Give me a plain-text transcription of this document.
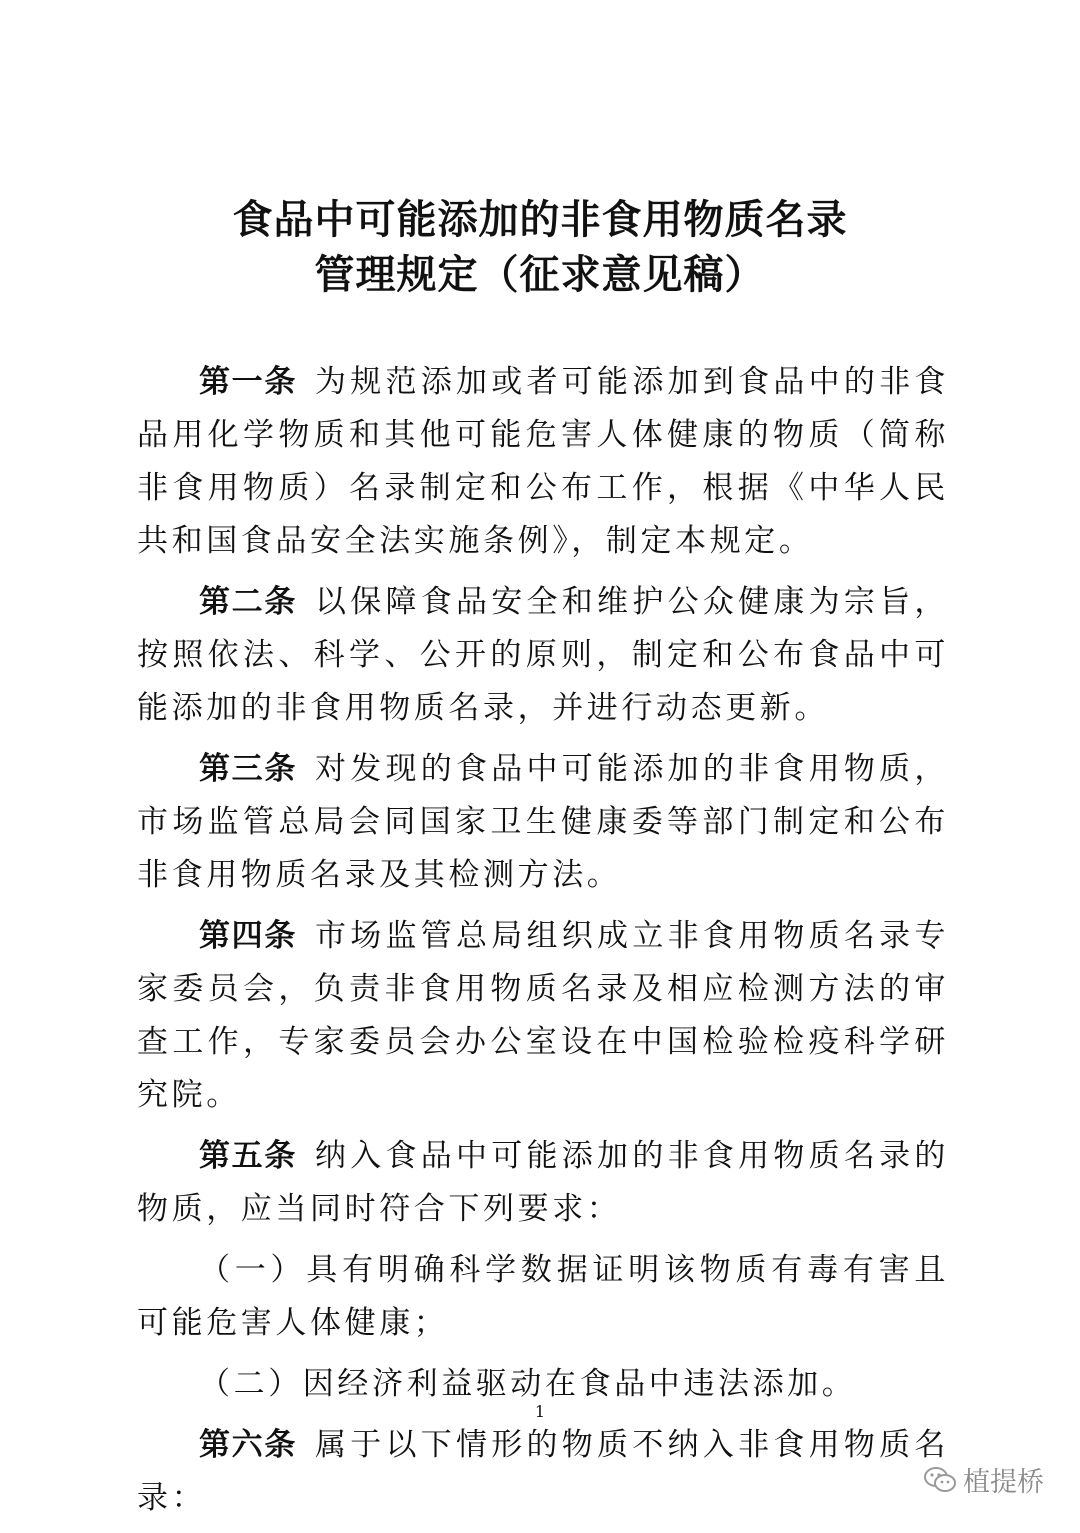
食品中可能添加的非食用物质名录
管理规定（征求意见稿）

第一条 为规范添加或者可能添加到食品中的非食品用化学物质和其他可能危害人体健康的物质（简称非食用物质）名录制定和公布工作，根据《中华人民共和国食品安全法实施条例》，制定本规定。

第二条 以保障食品安全和维护公众健康为宗旨，按照依法、科学、公开的原则，制定和公布食品中可能添加的非食用物质名录，并进行动态更新。

第三条 对发现的食品中可能添加的非食用物质，市场监管总局会同国家卫生健康委等部门制定和公布非食用物质名录及其检测方法。

第四条 市场监管总局组织成立非食用物质名录专家委员会，负责非食用物质名录及相应检测方法的审查工作，专家委员会办公室设在中国检验检疫科学研究院。

第五条 纳入食品中可能添加的非食用物质名录的物质，应当同时符合下列要求：

（一）具有明确科学数据证明该物质有毒有害且可能危害人体健康；

（二）因经济利益驱动在食品中违法添加。

第六条 属于以下情形的物质不纳入非食用物质名录：

1
植提桥
